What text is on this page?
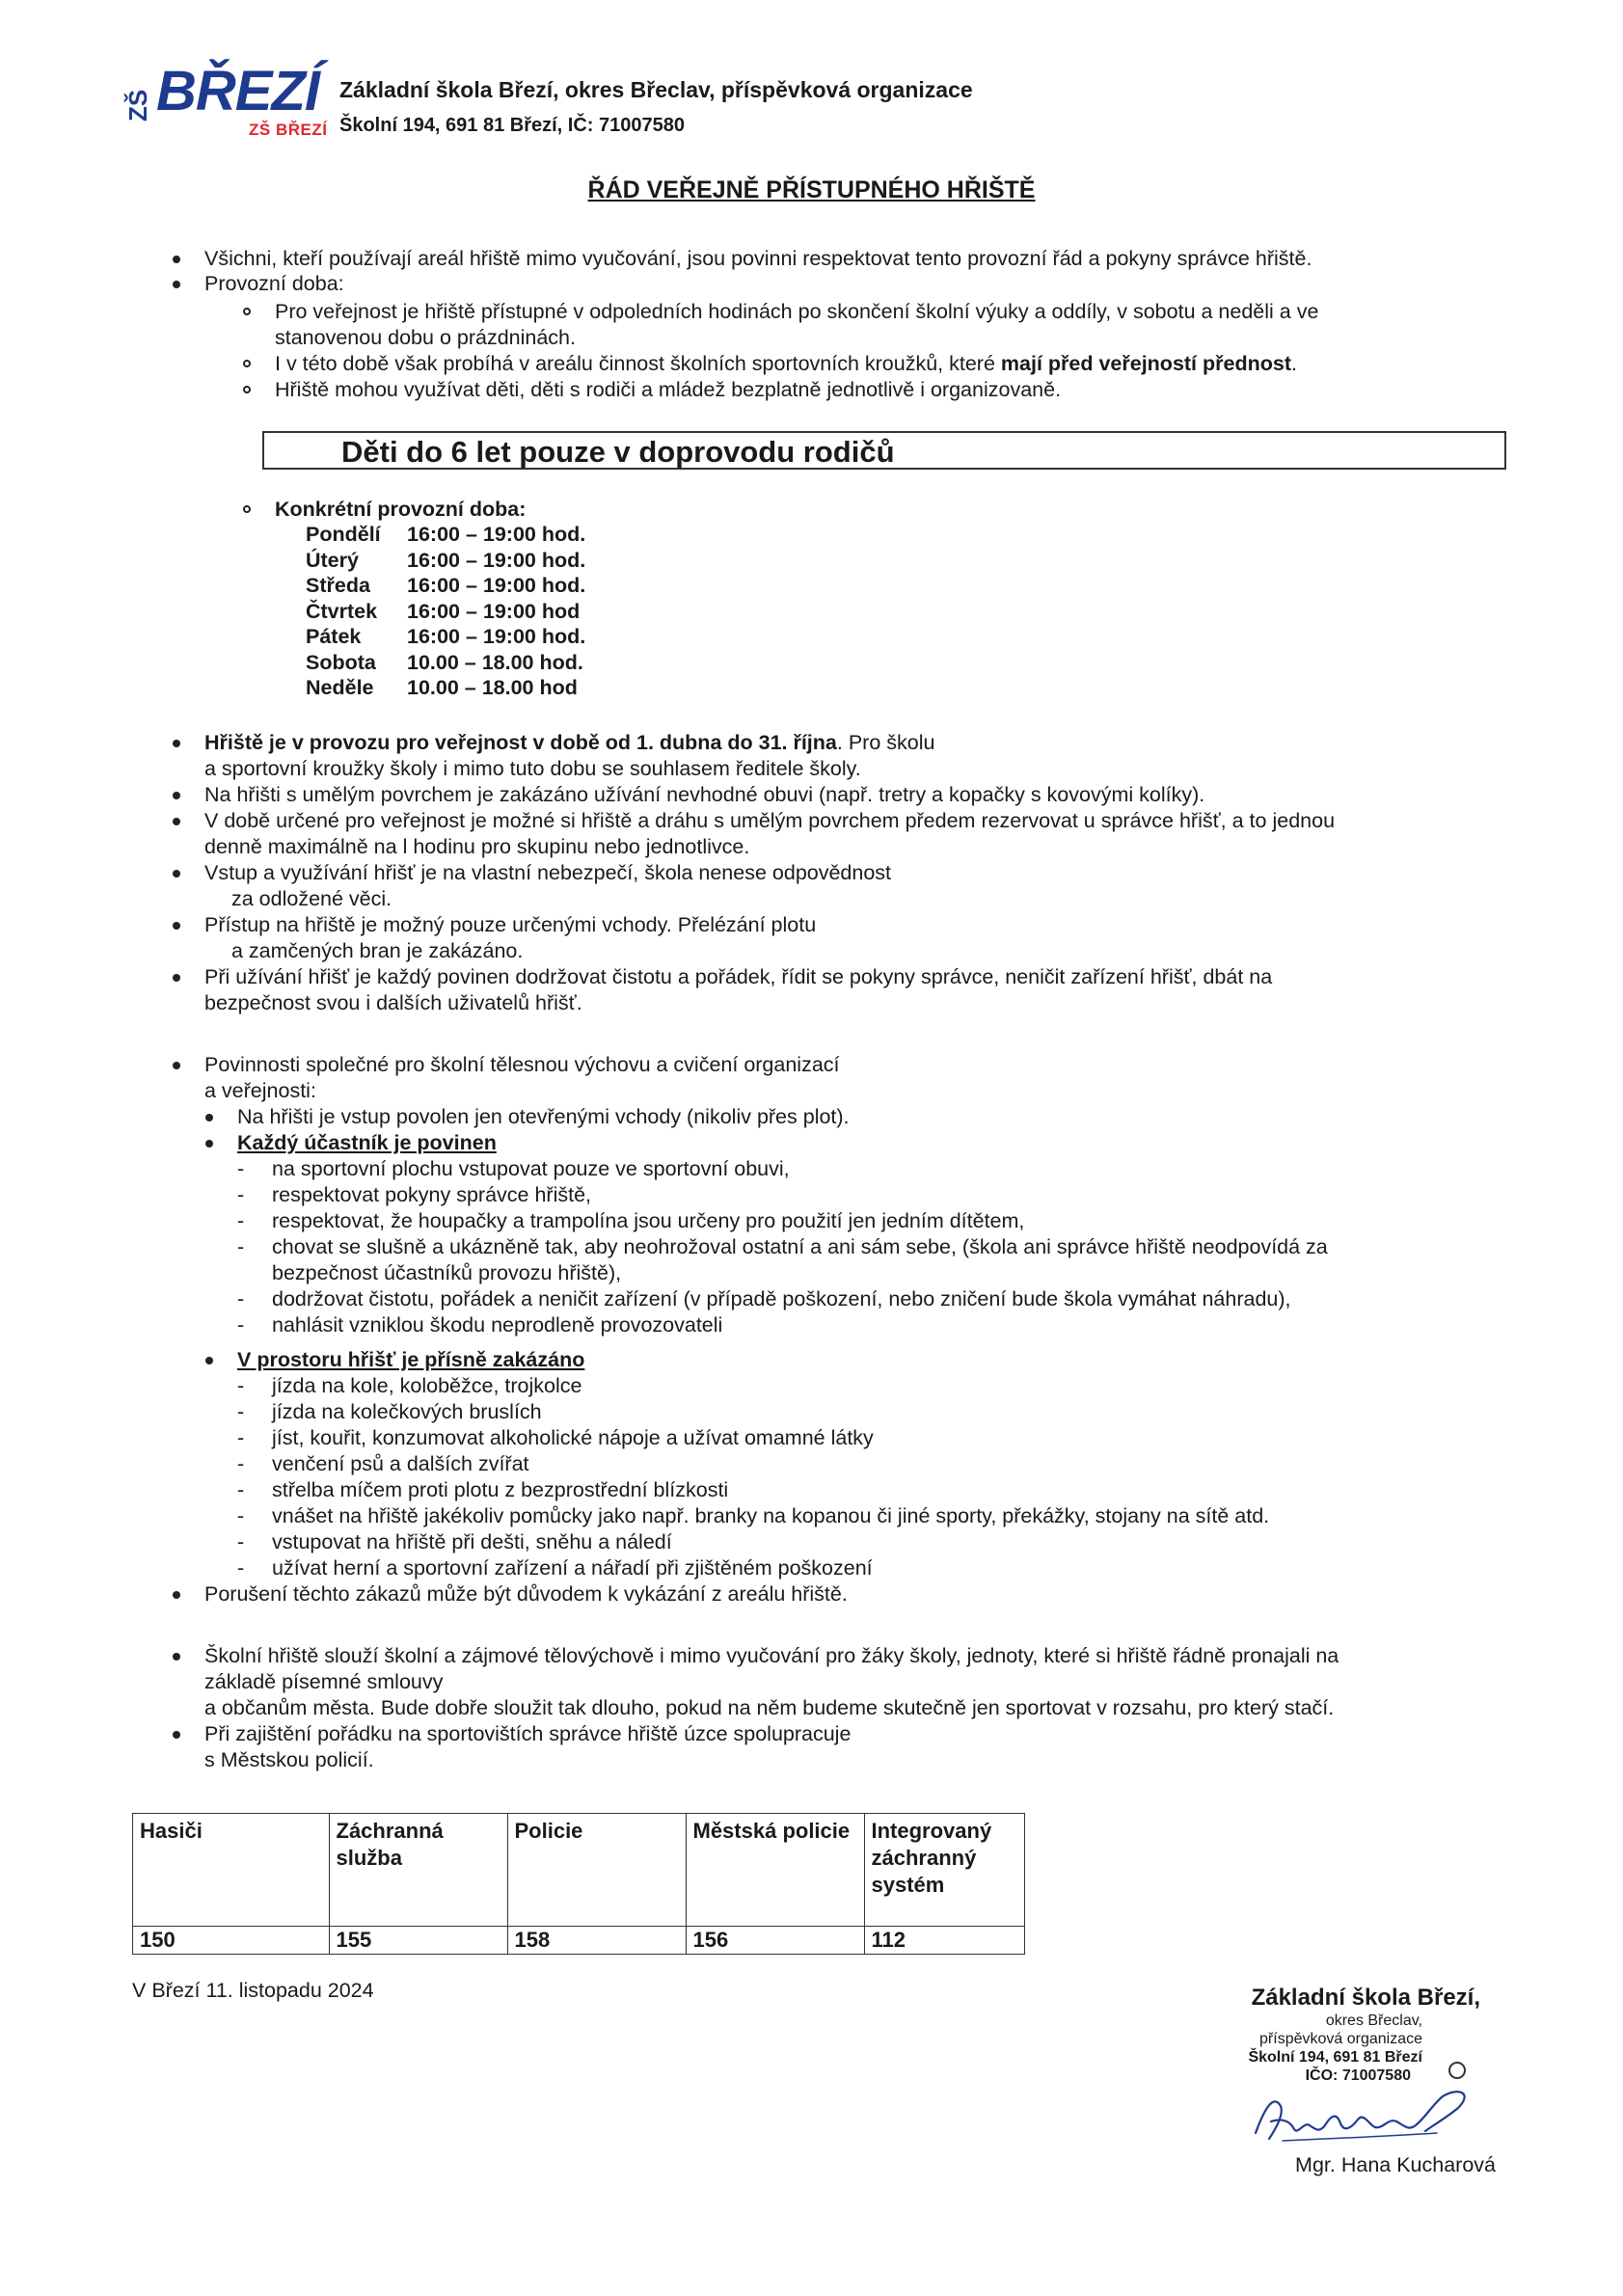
ZŠ BŘEZÍ
ZŠ BŘEZÍ
Základní škola Březí, okres Břeclav, příspěvková organizace
Školní 194, 691 81 Březí, IČ: 71007580
ŘÁD VEŘEJNĚ PŘÍSTUPNÉHO HŘIŠTĚ
Všichni, kteří používají areál hřiště mimo vyučování, jsou povinni respektovat tento provozní řád a pokyny správce hřiště.
Provozní doba:
Pro veřejnost je hřiště přístupné v odpoledních hodinách po skončení školní výuky a oddíly, v sobotu a neděli a ve
stanovenou dobu o prázdninách.
I v této době však probíhá v areálu činnost školních sportovních kroužků, které mají před veřejností přednost.
Hřiště mohou využívat děti, děti s rodiči a mládež bezplatně jednotlivě i organizovaně.
Děti do 6 let pouze v doprovodu rodičů
Konkrétní provozní doba:
Pondělí	16:00 – 19:00 hod.
Úterý	16:00 – 19:00 hod.
Středa	16:00 – 19:00 hod.
Čtvrtek	16:00 – 19:00 hod
Pátek	16:00 – 19:00 hod.
Sobota	10.00 – 18.00 hod.
Neděle	10.00 – 18.00 hod
Hřiště je v provozu pro veřejnost v době od 1. dubna do 31. října. Pro školu
a sportovní kroužky školy i mimo tuto dobu se souhlasem ředitele školy.
Na hřišti s umělým povrchem je zakázáno užívání nevhodné obuvi (např. tretry a kopačky s kovovými kolíky).
V době určené pro veřejnost je možné si hřiště a dráhu s umělým povrchem předem rezervovat u správce hřišť, a to jednou
denně maximálně na l hodinu pro skupinu nebo jednotlivce.
Vstup a využívání hřišť je na vlastní nebezpečí, škola nenese odpovědnost
za odložené věci.
Přístup na hřiště je možný pouze určenými vchody. Přelézání plotu
a zamčených bran je zakázáno.
Při užívání hřišť je každý povinen dodržovat čistotu a pořádek, řídit se pokyny správce, neničit zařízení hřišť, dbát na
bezpečnost svou i dalších uživatelů hřišť.
Povinnosti společné pro školní tělesnou výchovu a cvičení organizací
a veřejnosti:
Na hřišti je vstup povolen jen otevřenými vchody (nikoliv přes plot).
Každý účastník je povinen
- na sportovní plochu vstupovat pouze ve sportovní obuvi,
- respektovat pokyny správce hřiště,
- respektovat, že houpačky a trampolína jsou určeny pro použití jen jedním dítětem,
- chovat se slušně a ukázněně tak, aby neohrožoval ostatní a ani sám sebe, (škola ani správce hřiště neodpovídá za
bezpečnost účastníků provozu hřiště),
- dodržovat čistotu, pořádek a neničit zařízení (v případě poškození, nebo zničení bude škola vymáhat náhradu),
- nahlásit vzniklou škodu neprodleně provozovateli
V prostoru hřišť je přísně zakázáno
- jízda na kole, koloběžce, trojkolce
- jízda na kolečkových bruslích
- jíst, kouřit, konzumovat alkoholické nápoje a užívat omamné látky
- venčení psů a dalších zvířat
- střelba míčem proti plotu z bezprostřední blízkosti
- vnášet na hřiště jakékoliv pomůcky jako např. branky na kopanou či jiné sporty, překážky, stojany na sítě atd.
- vstupovat na hřiště při dešti, sněhu a náledí
- užívat herní a sportovní zařízení a nářadí při zjištěném poškození
Porušení těchto zákazů může být důvodem k vykázání z areálu hřiště.
Školní hřiště slouží školní a zájmové tělovýchově i mimo vyučování pro žáky školy, jednoty, které si hřiště řádně pronajali na
základě písemné smlouvy
a občanům města. Bude dobře sloužit tak dlouho, pokud na něm budeme skutečně jen sportovat v rozsahu, pro který stačí.
Při zajištění pořádku na sportovištích správce hřiště úzce spolupracuje
s Městskou policií.
Hasiči	Záchranná služba	Policie	Městská policie	Integrovaný záchranný systém
150	155	158	156	112
V Březí 11. listopadu 2024	Základní škola Březí,
okres Břeclav,
příspěvková organizace
Školní 194, 691 81 Březí
IČO: 71007580
Mgr. Hana Kucharová
